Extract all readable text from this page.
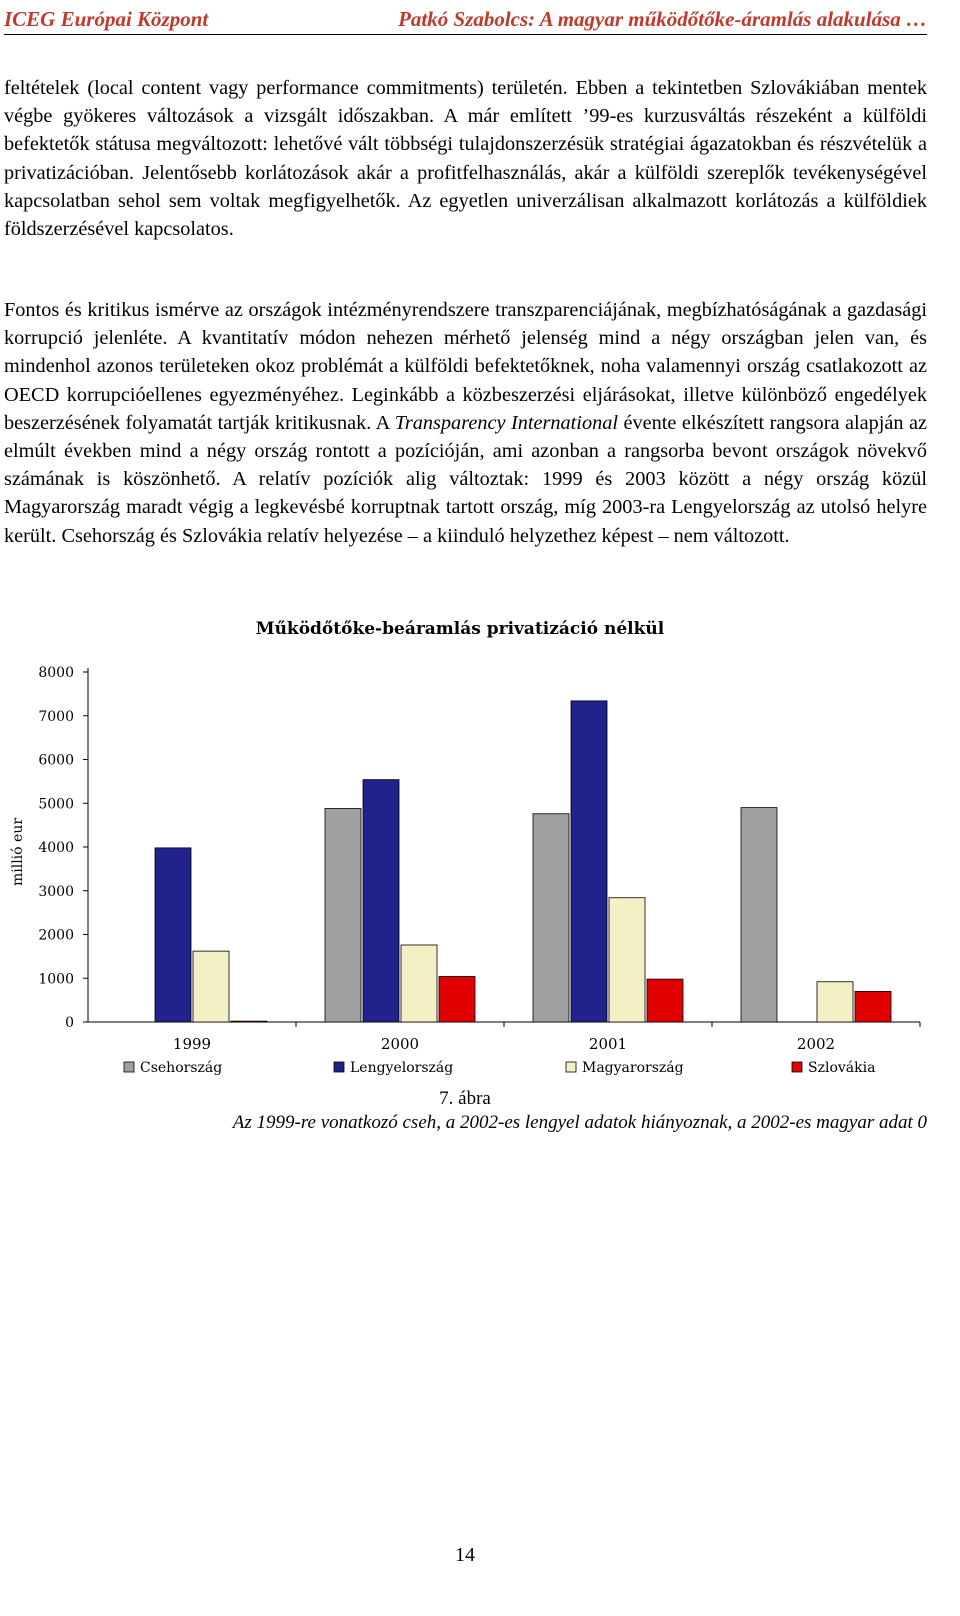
ICEG Európai Központ	Patkó Szabolcs: A magyar működőtőke-áramlás alakulása …

feltételek (local content vagy performance commitments) területén. Ebben a tekintetben Szlovákiában mentek végbe gyökeres változások a vizsgált időszakban. A már említett ’99-es kurzusváltás részeként a külföldi befektetők státusa megváltozott: lehetővé vált többségi tulajdonszerzésük stratégiai ágazatokban és részvételük a privatizációban. Jelentősebb korlátozások akár a profitfelhasználás, akár a külföldi szereplők tevékenységével kapcsolatban sehol sem voltak megfigyelhetők. Az egyetlen univerzálisan alkalmazott korlátozás a külföldiek földszerzésével kapcsolatos.

Fontos és kritikus ismérve az országok intézményrendszere transzparenciájának, megbízhatóságának a gazdasági korrupció jelenléte. A kvantitatív módon nehezen mérhető jelenség mind a négy országban jelen van, és mindenhol azonos területeken okoz problémát a külföldi befektetőknek, noha valamennyi ország csatlakozott az OECD korrupcióellenes egyezményéhez. Leginkább a közbeszerzési eljárásokat, illetve különböző engedélyek beszerzésének folyamatát tartják kritikusnak. A Transparency International évente elkészített rangsora alapján az elmúlt években mind a négy ország rontott a pozícióján, ami azonban a rangsorba bevont országok növekvő számának is köszönhető. A relatív pozíciók alig változtak: 1999 és 2003 között a négy ország közül Magyarország maradt végig a legkevésbé korruptnak tartott ország, míg 2003-ra Lengyelország az utolsó helyre került. Csehország és Szlovákia relatív helyezése – a kiinduló helyzethez képest – nem változott.

Működőtőke-beáramlás privatizáció nélkül
millió eur
0
1000
2000
3000
4000
5000
6000
7000
8000
1999	2000	2001	2002
Csehország	Lengyelország	Magyarország	Szlovákia
7. ábra
Az 1999-re vonatkozó cseh, a 2002-es lengyel adatok hiányoznak, a 2002-es magyar adat 0
14
